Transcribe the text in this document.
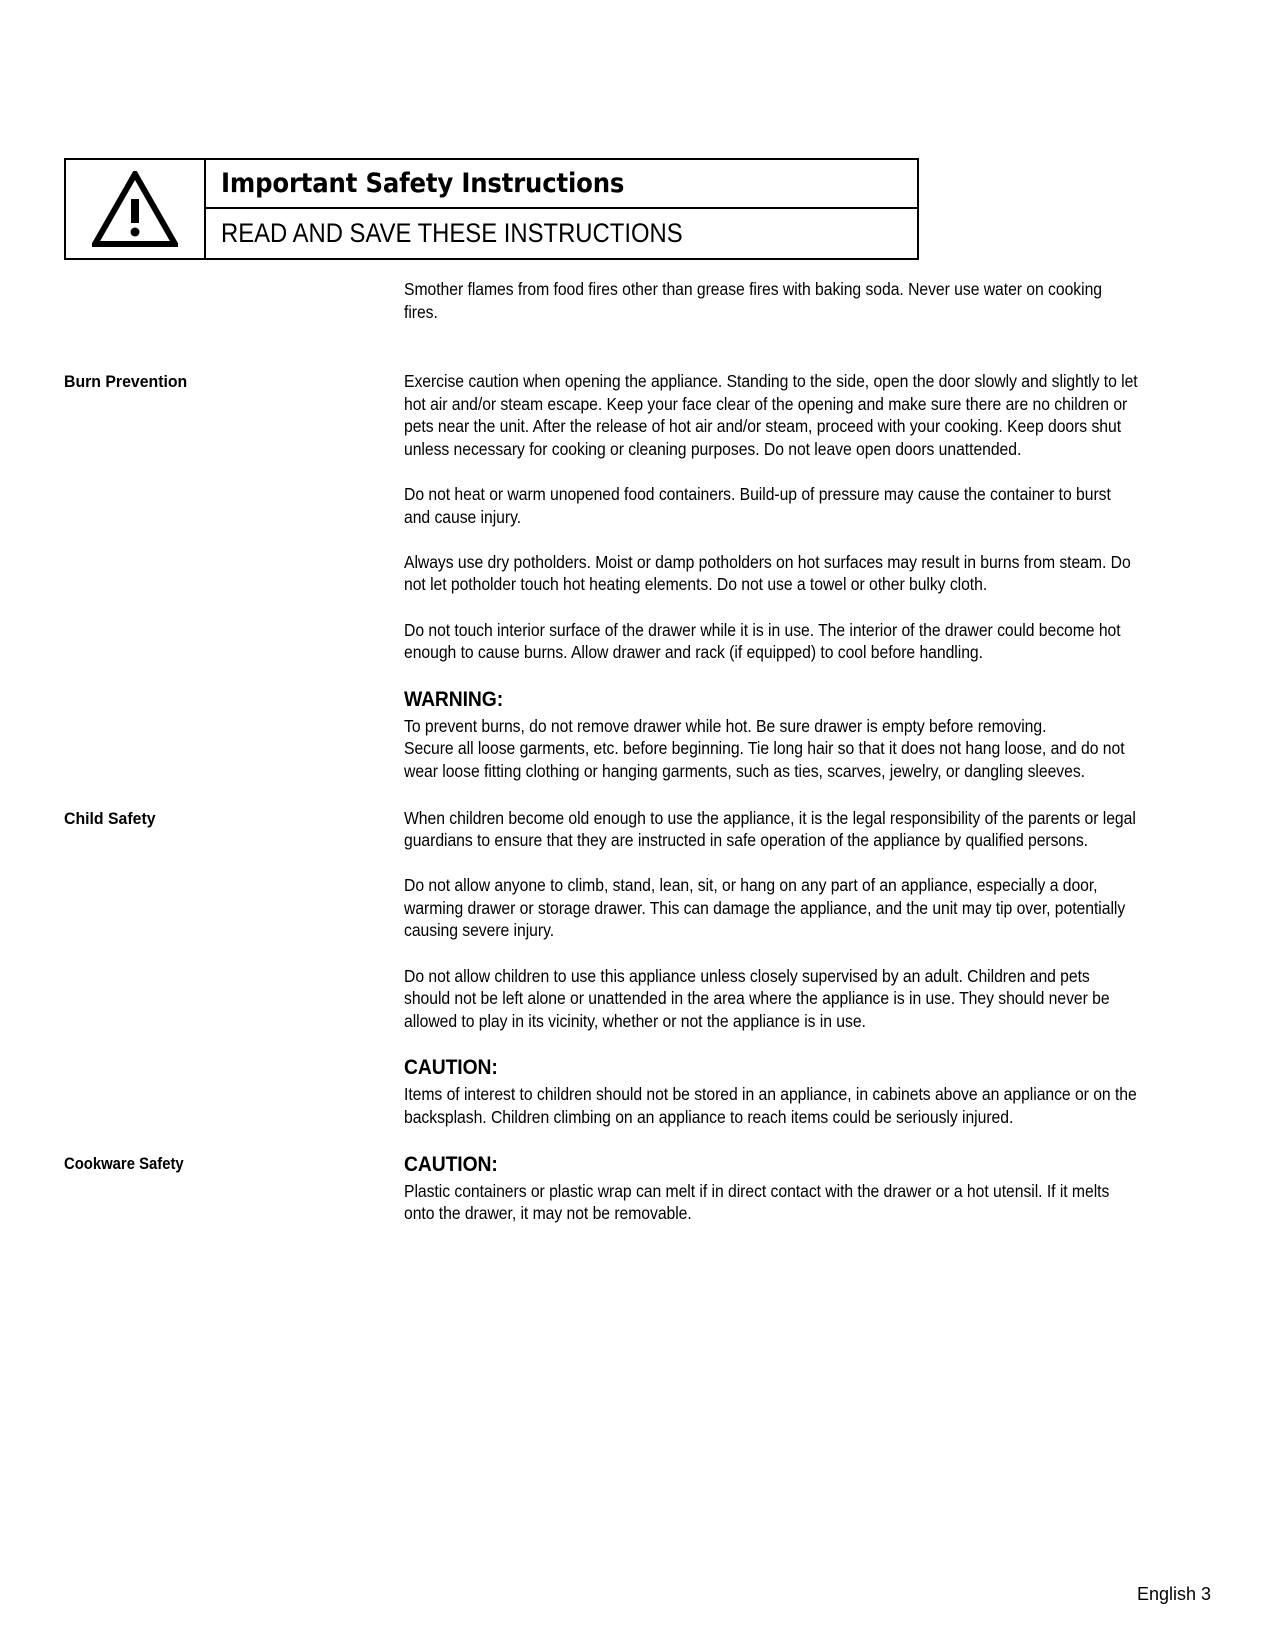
Important Safety Instructions
READ AND SAVE THESE INSTRUCTIONS

Smother flames from food fires other than grease fires with baking soda. Never use water on cooking fires.

Burn Prevention	Exercise caution when opening the appliance. Standing to the side, open the door slowly and slightly to let hot air and/or steam escape. Keep your face clear of the opening and make sure there are no children or pets near the unit. After the release of hot air and/or steam, proceed with your cooking. Keep doors shut unless necessary for cooking or cleaning purposes. Do not leave open doors unattended.

Do not heat or warm unopened food containers. Build-up of pressure may cause the container to burst and cause injury.

Always use dry potholders. Moist or damp potholders on hot surfaces may result in burns from steam. Do not let potholder touch hot heating elements. Do not use a towel or other bulky cloth.

Do not touch interior surface of the drawer while it is in use. The interior of the drawer could become hot enough to cause burns. Allow drawer and rack (if equipped) to cool before handling.

WARNING:

To prevent burns, do not remove drawer while hot. Be sure drawer is empty before removing.

Secure all loose garments, etc. before beginning. Tie long hair so that it does not hang loose, and do not wear loose fitting clothing or hanging garments, such as ties, scarves, jewelry, or dangling sleeves.

Child Safety	When children become old enough to use the appliance, it is the legal responsibility of the parents or legal guardians to ensure that they are instructed in safe operation of the appliance by qualified persons.

Do not allow anyone to climb, stand, lean, sit, or hang on any part of an appliance, especially a door, warming drawer or storage drawer. This can damage the appliance, and the unit may tip over, potentially causing severe injury.

Do not allow children to use this appliance unless closely supervised by an adult. Children and pets should not be left alone or unattended in the area where the appliance is in use. They should never be allowed to play in its vicinity, whether or not the appliance is in use.

CAUTION:

Items of interest to children should not be stored in an appliance, in cabinets above an appliance or on the backsplash. Children climbing on an appliance to reach items could be seriously injured.

Cookware Safety	CAUTION:

Plastic containers or plastic wrap can melt if in direct contact with the drawer or a hot utensil. If it melts onto the drawer, it may not be removable.

English 3
